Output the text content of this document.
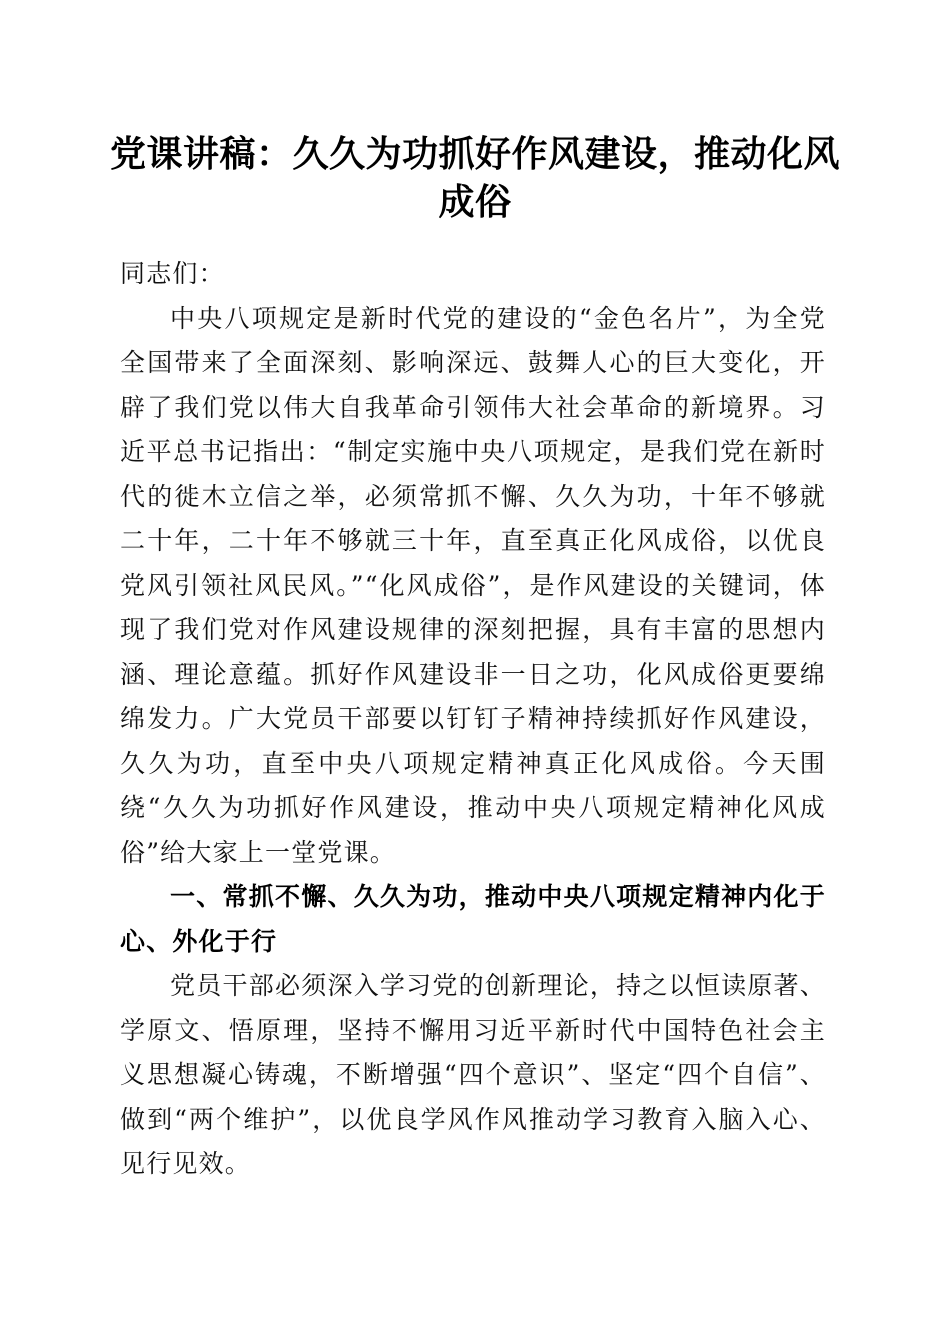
党课讲稿：久久为功抓好作风建设，推动化风成俗

同志们：

中央八项规定是新时代党的建设的“金色名片”，为全党全国带来了全面深刻、影响深远、鼓舞人心的巨大变化，开辟了我们党以伟大自我革命引领伟大社会革命的新境界。习近平总书记指出：“制定实施中央八项规定，是我们党在新时代的徙木立信之举，必须常抓不懈、久久为功，十年不够就二十年，二十年不够就三十年，直至真正化风成俗，以优良党风引领社风民风。”“化风成俗”，是作风建设的关键词，体现了我们党对作风建设规律的深刻把握，具有丰富的思想内涵、理论意蕴。抓好作风建设非一日之功，化风成俗更要绵绵发力。广大党员干部要以钉钉子精神持续抓好作风建设，久久为功，直至中央八项规定精神真正化风成俗。今天围绕“久久为功抓好作风建设，推动中央八项规定精神化风成俗”给大家上一堂党课。

一、常抓不懈、久久为功，推动中央八项规定精神内化于心、外化于行

党员干部必须深入学习党的创新理论，持之以恒读原著、学原文、悟原理，坚持不懈用习近平新时代中国特色社会主义思想凝心铸魂，不断增强“四个意识”、坚定“四个自信”、做到“两个维护”，以优良学风作风推动学习教育入脑入心、见行见效。
